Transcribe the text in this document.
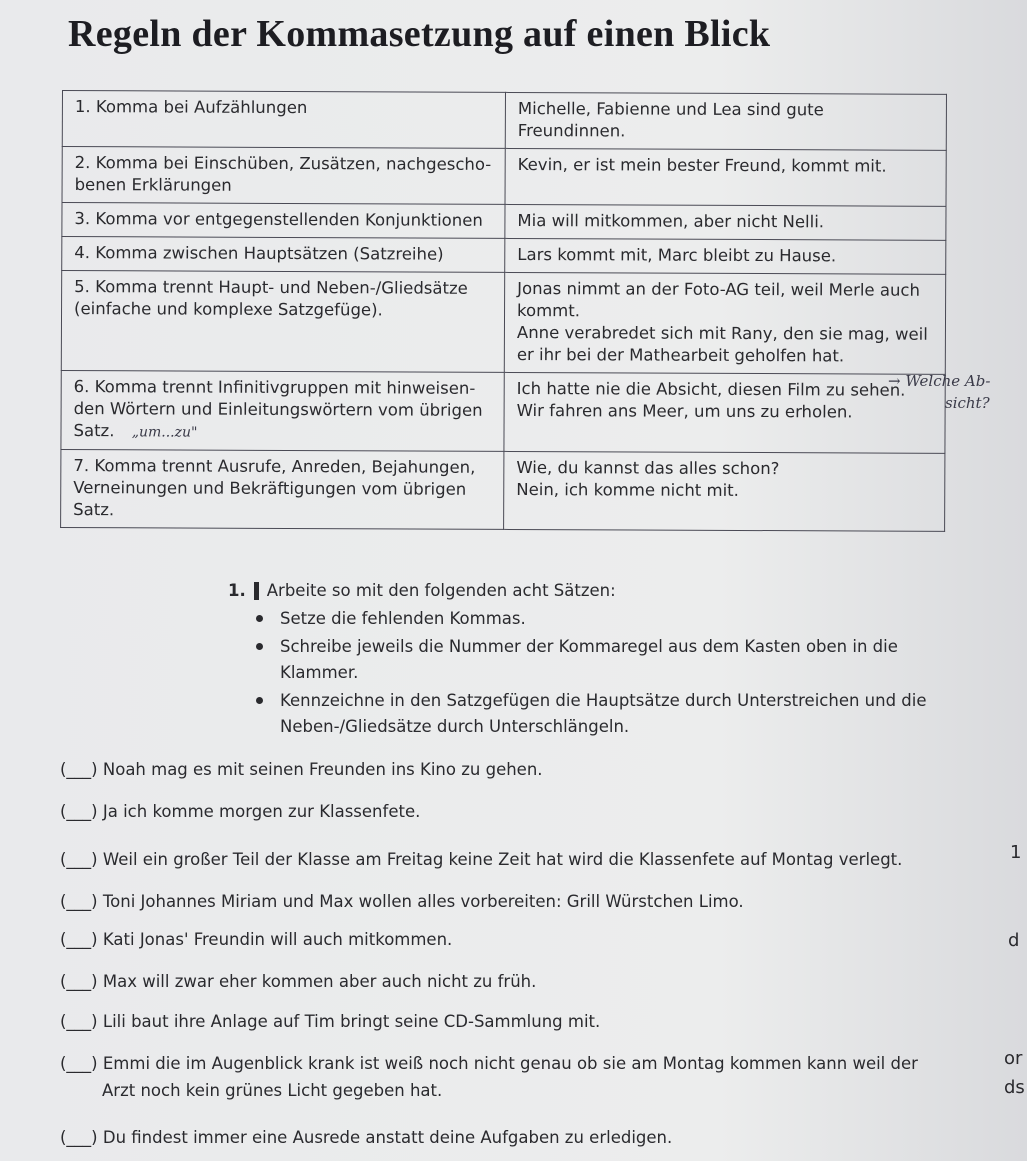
Regeln der Kommasetzung auf einen Blick
1. Komma bei Aufzählungen	Michelle, Fabienne und Lea sind gute Freundinnen.

2. Komma bei Einschüben, Zusätzen, nachgescho- benen Erklärungen	Kevin, er ist mein bester Freund, kommt mit.

3. Komma vor entgegenstellenden Konjunktionen	Mia will mitkommen, aber nicht Nelli.

4. Komma zwischen Hauptsätzen (Satzreihe)	Lars kommt mit, Marc bleibt zu Hause.

5. Komma trennt Haupt- und Neben-/Gliedsätze (einfache und komplexe Satzgefüge).	Jonas nimmt an der Foto-AG teil, weil Merle auch kommt.
Anne verabredet sich mit Rany, den sie mag, weil er ihr bei der Mathearbeit geholfen hat.

6. Komma trennt Infinitivgruppen mit hinweisen- den Wörtern und Einleitungswörtern vom übrigen Satz. „um...zu"	Ich hatte nie die Absicht, diesen Film zu sehen.
Wir fahren ans Meer, um uns zu erholen.

7. Komma trennt Ausrufe, Anreden, Bejahungen, Verneinungen und Bekräftigungen vom übrigen Satz.	Wie, du kannst das alles schon?
Nein, ich komme nicht mit.
→ Welche Ab-
sicht?
1. Arbeite so mit den folgenden acht Sätzen:
Setze die fehlenden Kommas.
Schreibe jeweils die Nummer der Kommaregel aus dem Kasten oben in die Klammer.
Kennzeichne in den Satzgefügen die Hauptsätze durch Unterstreichen und die Neben-/Gliedsätze durch Unterschlängeln.
(___) Noah mag es mit seinen Freunden ins Kino zu gehen.
(___) Ja ich komme morgen zur Klassenfete.
(___) Weil ein großer Teil der Klasse am Freitag keine Zeit hat wird die Klassenfete auf Montag verlegt.
(___) Toni Johannes Miriam und Max wollen alles vorbereiten: Grill Würstchen Limo.
(___) Kati Jonas' Freundin will auch mitkommen.
(___) Max will zwar eher kommen aber auch nicht zu früh.
(___) Lili baut ihre Anlage auf Tim bringt seine CD-Sammlung mit.
(___) Emmi die im Augenblick krank ist weiß noch nicht genau ob sie am Montag kommen kann weil der
Arzt noch kein grünes Licht gegeben hat.
(___) Du findest immer eine Ausrede anstatt deine Aufgaben zu erledigen.
1
d
or
ds
